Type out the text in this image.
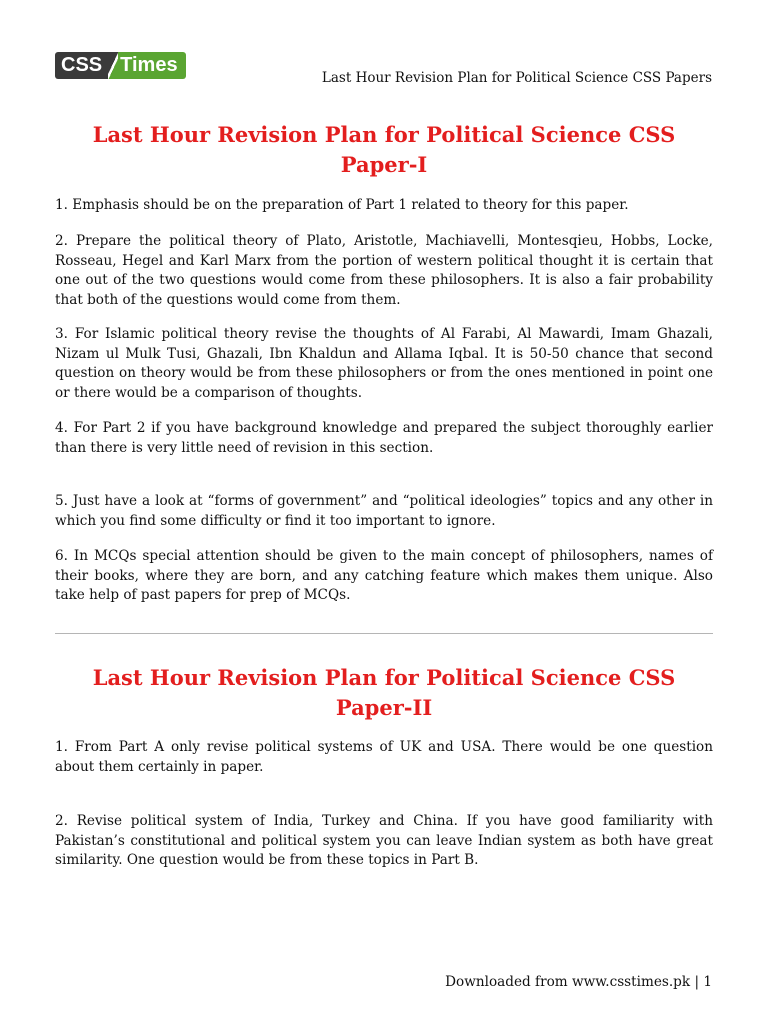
CSS Times
Last Hour Revision Plan for Political Science CSS Papers
Last Hour Revision Plan for Political Science CSS
Paper-I

1. Emphasis should be on the preparation of Part 1 related to theory for this paper.

2. Prepare the political theory of Plato, Aristotle, Machiavelli, Montesqieu, Hobbs, Locke, Rosseau, Hegel and Karl Marx from the portion of western political thought it is certain that one out of the two questions would come from these philosophers. It is also a fair probability that both of the questions would come from them.

3. For Islamic political theory revise the thoughts of Al Farabi, Al Mawardi, Imam Ghazali, Nizam ul Mulk Tusi, Ghazali, Ibn Khaldun and Allama Iqbal. It is 50-50 chance that second question on theory would be from these philosophers or from the ones mentioned in point one or there would be a comparison of thoughts.

4. For Part 2 if you have background knowledge and prepared the subject thoroughly earlier than there is very little need of revision in this section.

5. Just have a look at “forms of government” and “political ideologies” topics and any other in which you find some difficulty or find it too important to ignore.

6. In MCQs special attention should be given to the main concept of philosophers, names of their books, where they are born, and any catching feature which makes them unique. Also take help of past papers for prep of MCQs.

Last Hour Revision Plan for Political Science CSS
Paper-II

1. From Part A only revise political systems of UK and USA. There would be one question about them certainly in paper.

2. Revise political system of India, Turkey and China. If you have good familiarity with Pakistan’s constitutional and political system you can leave Indian system as both have great similarity. One question would be from these topics in Part B.

Downloaded from www.csstimes.pk | 1
